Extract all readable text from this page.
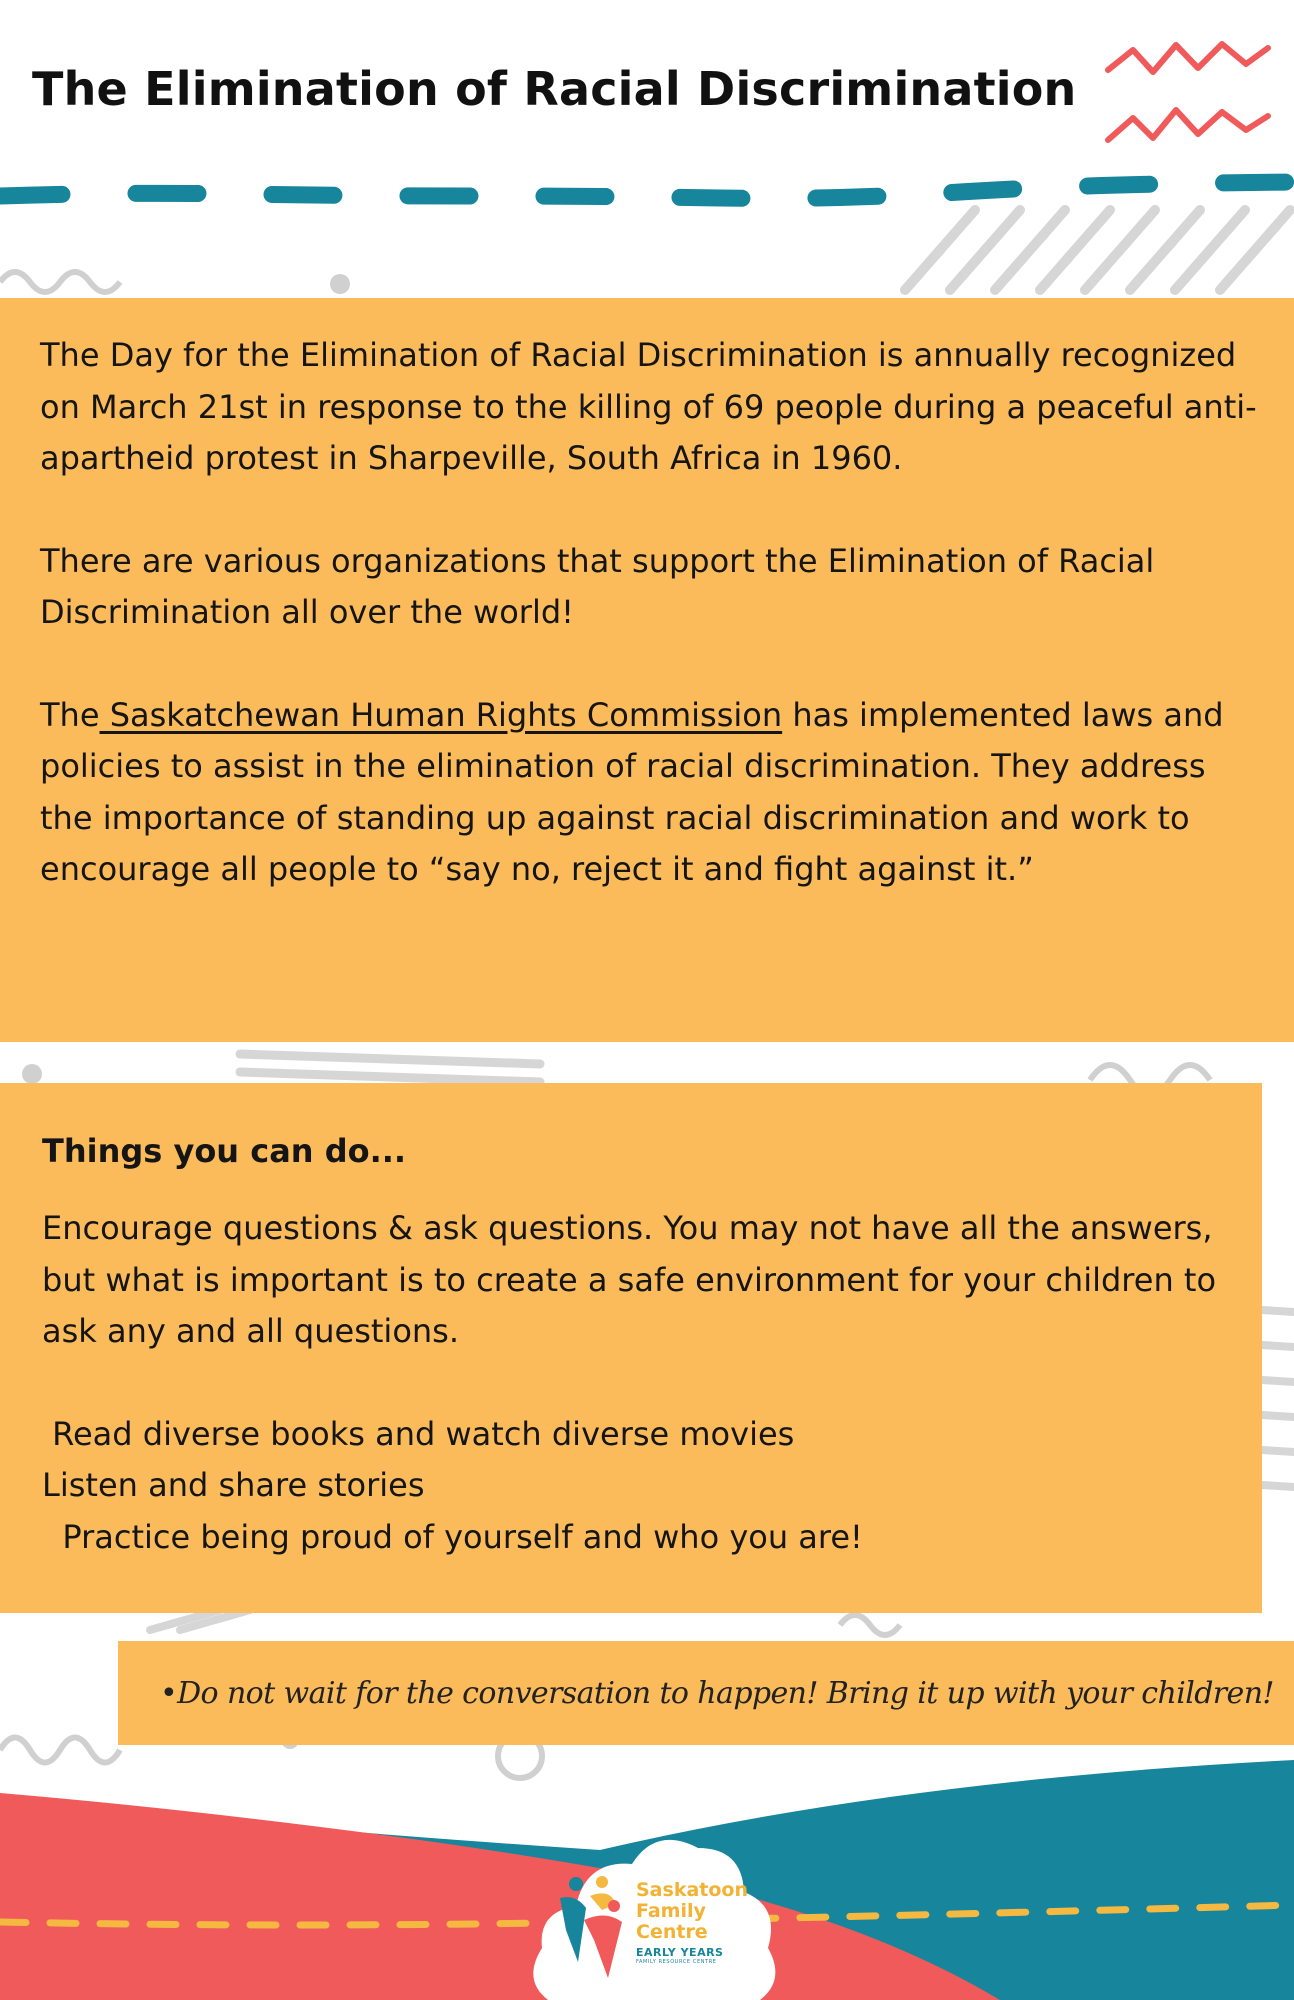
The Elimination of Racial Discrimination

The Day for the Elimination of Racial Discrimination is annually recognized on March 21st in response to the killing of 69 people during a peaceful anti-apartheid protest in Sharpeville, South Africa in 1960.

There are various organizations that support the Elimination of Racial Discrimination all over the world!

The Saskatchewan Human Rights Commission has implemented laws and policies to assist in the elimination of racial discrimination. They address the importance of standing up against racial discrimination and work to encourage all people to “say no, reject it and fight against it.”

Things you can do...

Encourage questions & ask questions. You may not have all the answers, but what is important is to create a safe environment for your children to ask any and all questions.

Read diverse books and watch diverse movies

Listen and share stories

Practice being proud of yourself and who you are!

•Do not wait for the conversation to happen! Bring it up with your children!
Saskatoon
Family
Centre
EARLY YEARS
FAMILY RESOURCE CENTRE
